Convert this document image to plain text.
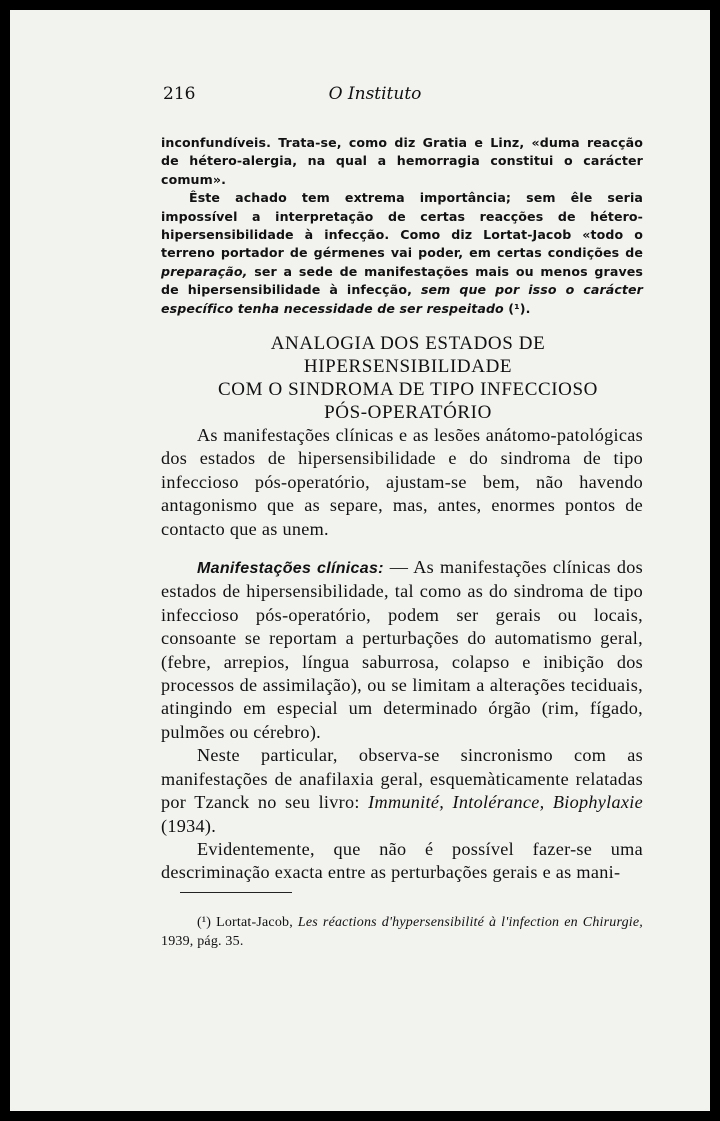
216	O Instituto

inconfundíveis. Trata-se, como diz Gratia e Linz, «duma reacção de hétero-alergia, na qual a hemorragia constitui o carácter comum».

Êste achado tem extrema importância; sem êle seria impossível a interpretação de certas reacções de hétero-hipersensibilidade à infecção. Como diz Lortat-Jacob «todo o terreno portador de gérmenes vai poder, em certas condições de preparação, ser a sede de manifestações mais ou menos graves de hipersensibilidade à infecção, sem que por isso o carácter específico tenha necessidade de ser respeitado (¹).

ANALOGIA DOS ESTADOS DE HIPERSENSIBILIDADE
COM O SINDROMA DE TIPO INFECCIOSO
PÓS-OPERATÓRIO

As manifestações clínicas e as lesões anátomo-patológicas dos estados de hipersensibilidade e do sindroma de tipo infeccioso pós-operatório, ajustam-se bem, não havendo antagonismo que as separe, mas, antes, enormes pontos de contacto que as unem.

Manifestações clínicas: — As manifestações clínicas dos estados de hipersensibilidade, tal como as do sindroma de tipo infeccioso pós-operatório, podem ser gerais ou locais, consoante se reportam a perturbações do automatismo geral, (febre, arrepios, língua saburrosa, colapso e inibição dos processos de assimilação), ou se limitam a alterações teciduais, atingindo em especial um determinado órgão (rim, fígado, pulmões ou cérebro).

Neste particular, observa-se sincronismo com as manifestações de anafilaxia geral, esquemàticamente relatadas por Tzanck no seu livro: Immunité, Intolérance, Biophylaxie (1934).

Evidentemente, que não é possível fazer-se uma descriminação exacta entre as perturbações gerais e as mani-

(¹) Lortat-Jacob, Les réactions d'hypersensibilité à l'infection en Chirurgie, 1939, pág. 35.
